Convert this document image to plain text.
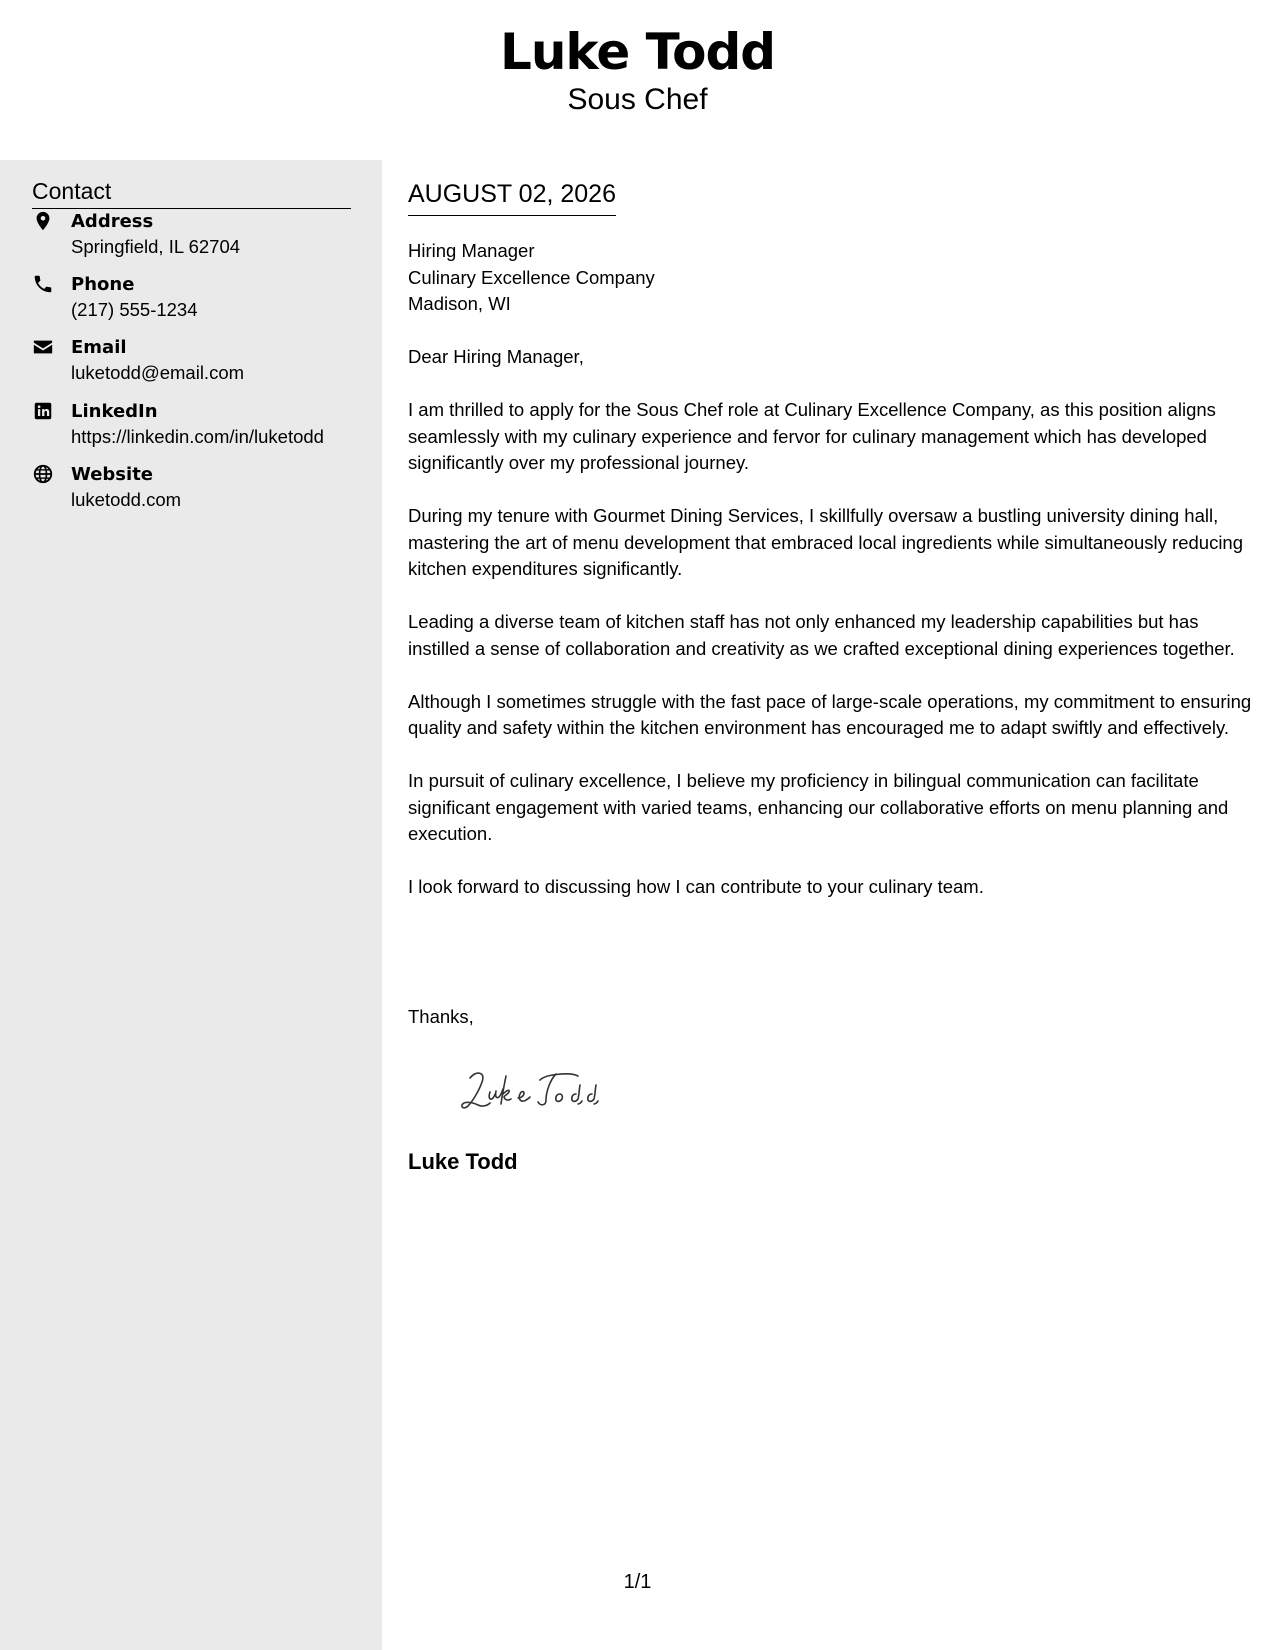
Luke Todd
Sous Chef
Contact
Address
Springfield, IL 62704
Phone
(217) 555-1234
Email
luketodd@email.com
LinkedIn
https://linkedin.com/in/luketodd
Website
luketodd.com
AUGUST 02, 2026
Hiring Manager
Culinary Excellence Company
Madison, WI

Dear Hiring Manager,

I am thrilled to apply for the Sous Chef role at Culinary Excellence Company, as this position aligns seamlessly with my culinary experience and fervor for culinary management which has developed significantly over my professional journey.

During my tenure with Gourmet Dining Services, I skillfully oversaw a bustling university dining hall, mastering the art of menu development that embraced local ingredients while simultaneously reducing kitchen expenditures significantly.

Leading a diverse team of kitchen staff has not only enhanced my leadership capabilities but has instilled a sense of collaboration and creativity as we crafted exceptional dining experiences together.

Although I sometimes struggle with the fast pace of large-scale operations, my commitment to ensuring quality and safety within the kitchen environment has encouraged me to adapt swiftly and effectively.

In pursuit of culinary excellence, I believe my proficiency in bilingual communication can facilitate significant engagement with varied teams, enhancing our collaborative efforts on menu planning and execution.

I look forward to discussing how I can contribute to your culinary team.

Thanks,
Luke Todd
1/1
